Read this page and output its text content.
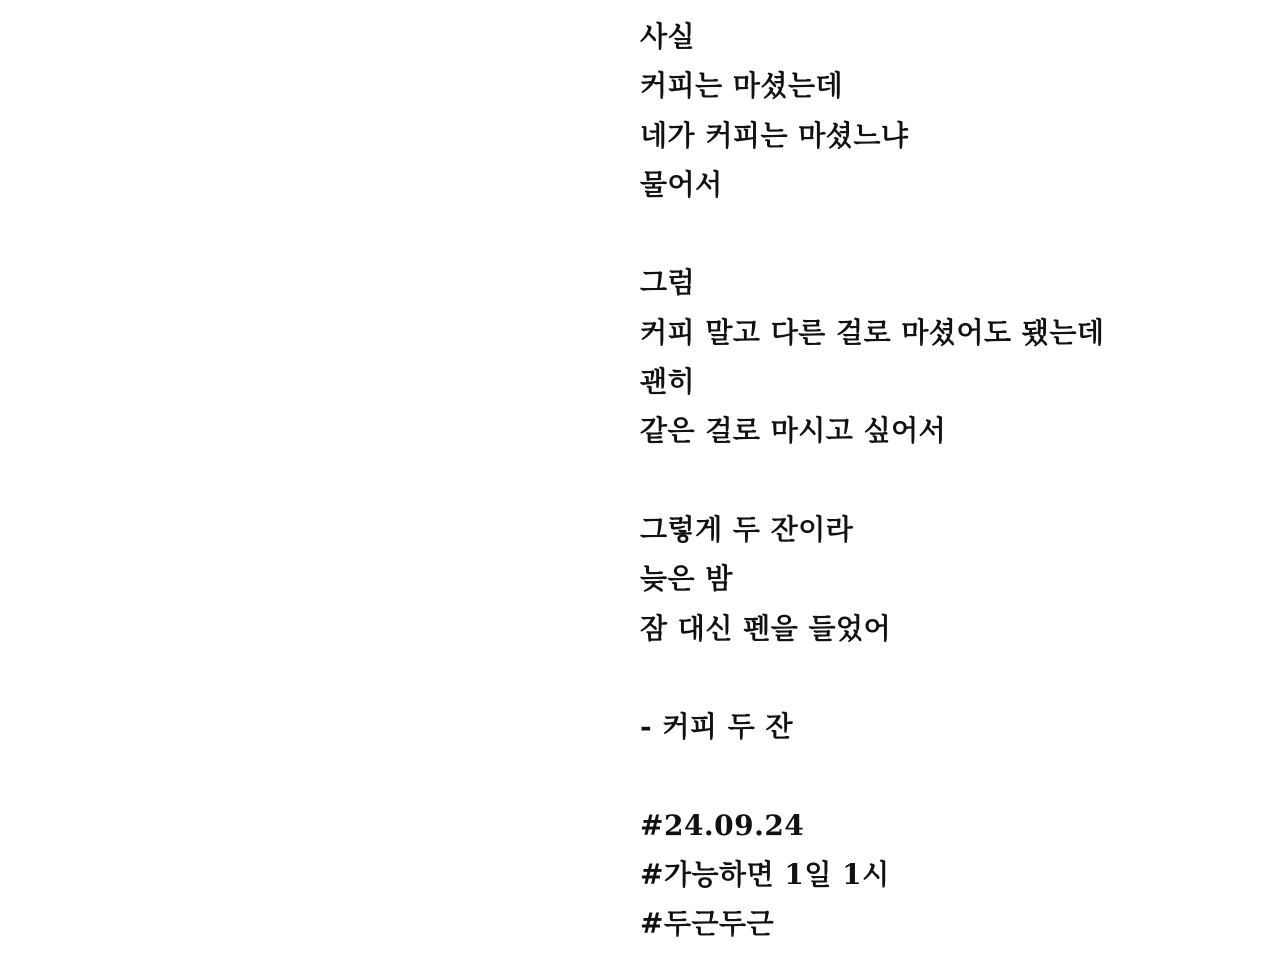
사실
커피는 마셨는데
네가 커피는 마셨느냐
물어서
그럼
커피 말고 다른 걸로 마셨어도 됐는데
괜히
같은 걸로 마시고 싶어서
그렇게 두 잔이라
늦은 밤
잠 대신 펜을 들었어
- 커피 두 잔
#24.09.24
#가능하면 1일 1시
#두근두근
